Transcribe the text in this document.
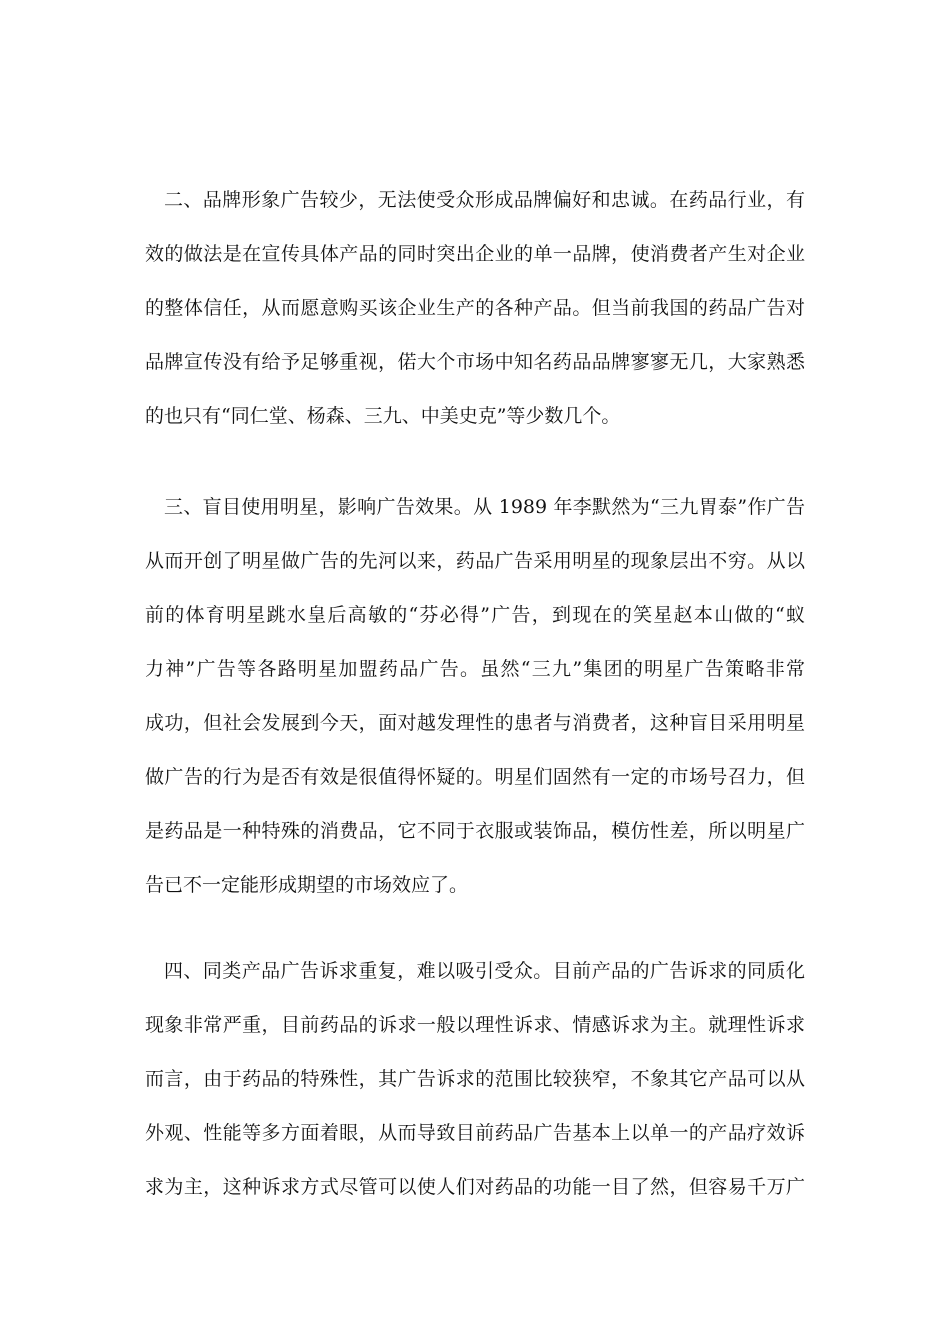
二、品牌形象广告较少，无法使受众形成品牌偏好和忠诚。在药品行业，有
效的做法是在宣传具体产品的同时突出企业的单一品牌，使消费者产生对企业
的整体信任，从而愿意购买该企业生产的各种产品。但当前我国的药品广告对
品牌宣传没有给予足够重视，偌大个市场中知名药品品牌寥寥无几，大家熟悉
的也只有“同仁堂、杨森、三九、中美史克”等少数几个。
三、盲目使用明星，影响广告效果。从 1989 年李默然为“三九胃泰”作广告
从而开创了明星做广告的先河以来，药品广告采用明星的现象层出不穷。从以
前的体育明星跳水皇后高敏的“芬必得”广告，到现在的笑星赵本山做的“蚁
力神”广告等各路明星加盟药品广告。虽然“三九”集团的明星广告策略非常
成功，但社会发展到今天，面对越发理性的患者与消费者，这种盲目采用明星
做广告的行为是否有效是很值得怀疑的。明星们固然有一定的市场号召力，但
是药品是一种特殊的消费品，它不同于衣服或装饰品，模仿性差，所以明星广
告已不一定能形成期望的市场效应了。
四、同类产品广告诉求重复，难以吸引受众。目前产品的广告诉求的同质化
现象非常严重，目前药品的诉求一般以理性诉求、情感诉求为主。就理性诉求
而言，由于药品的特殊性，其广告诉求的范围比较狭窄，不象其它产品可以从
外观、性能等多方面着眼，从而导致目前药品广告基本上以单一的产品疗效诉
求为主，这种诉求方式尽管可以使人们对药品的功能一目了然，但容易千万广
